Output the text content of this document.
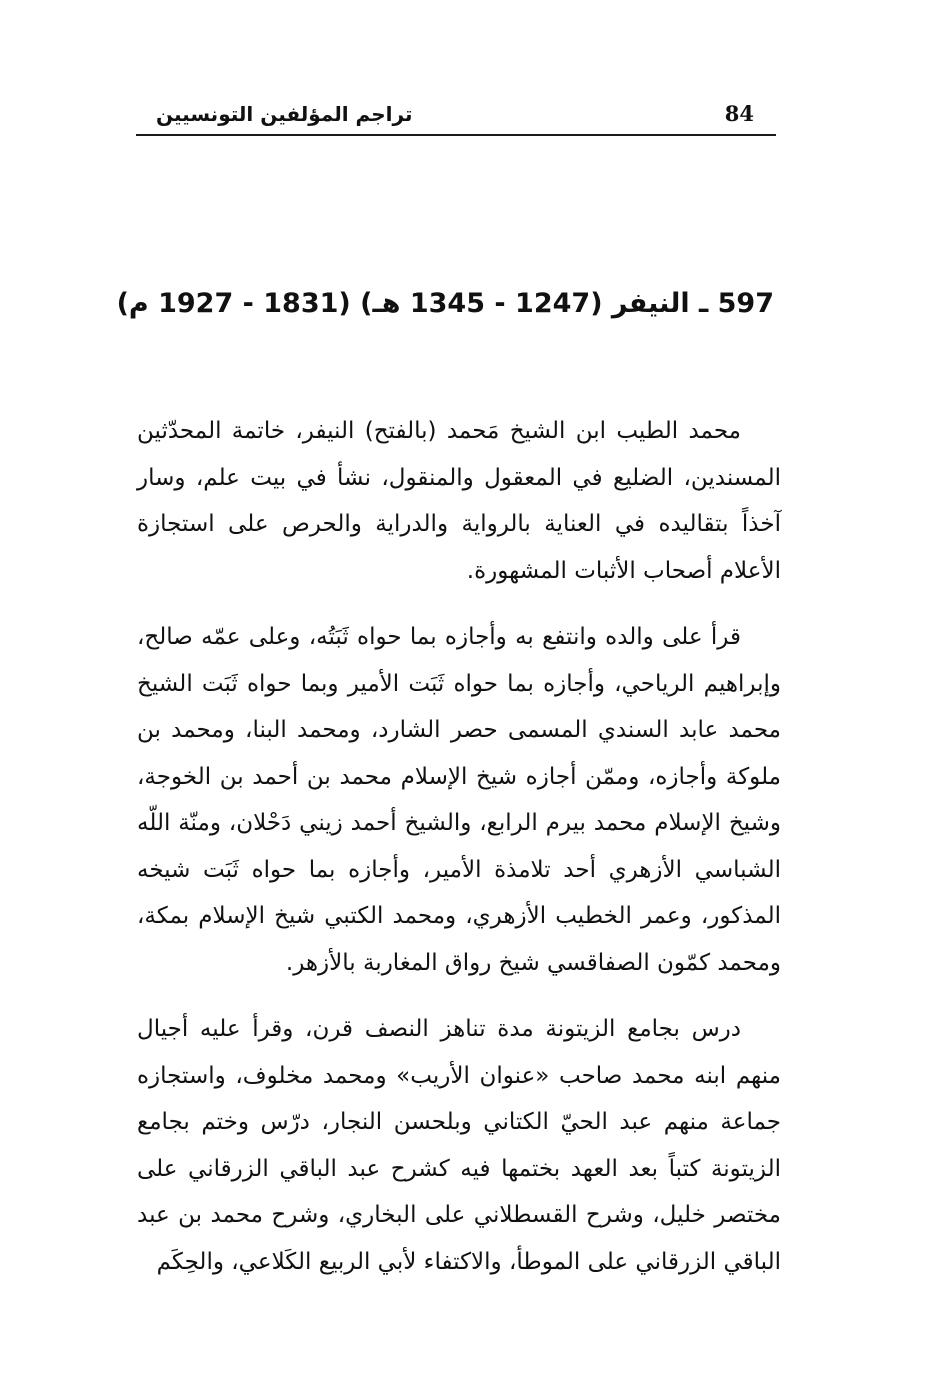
تراجم المؤلفين التونسيين	84
597 ـ النيفر (1247 - 1345 هـ) (1831 - 1927 م)

محمد الطيب ابن الشيخ مَحمد (بالفتح) النيفر، خاتمة المحدّثين المسندين، الضليع في المعقول والمنقول، نشأ في بيت علم، وسار آخذاً بتقاليده في العناية بالرواية والدراية والحرص على استجازة الأعلام أصحاب الأثبات المشهورة.

قرأ على والده وانتفع به وأجازه بما حواه ثَبَتُه، وعلى عمّه صالح، وإبراهيم الرياحي، وأجازه بما حواه ثَبَت الأمير وبما حواه ثَبَت الشيخ محمد عابد السندي المسمى حصر الشارد، ومحمد البنا، ومحمد بن ملوكة وأجازه، وممّن أجازه شيخ الإسلام محمد بن أحمد بن الخوجة، وشيخ الإسلام محمد بيرم الرابع، والشيخ أحمد زيني دَحْلان، ومنّة اللّه الشباسي الأزهري أحد تلامذة الأمير، وأجازه بما حواه ثَبَت شيخه المذكور، وعمر الخطيب الأزهري، ومحمد الكتبي شيخ الإسلام بمكة، ومحمد كمّون الصفاقسي شيخ رواق المغاربة بالأزهر.

درس بجامع الزيتونة مدة تناهز النصف قرن، وقرأ عليه أجيال منهم ابنه محمد صاحب «عنوان الأريب» ومحمد مخلوف، واستجازه جماعة منهم عبد الحيّ الكتاني وبلحسن النجار، درّس وختم بجامع الزيتونة كتباً بعد العهد بختمها فيه كشرح عبد الباقي الزرقاني على مختصر خليل، وشرح القسطلاني على البخاري، وشرح محمد بن عبد الباقي الزرقاني على الموطأ، والاكتفاء لأبي الربيع الكَلاعي، والحِكَم
